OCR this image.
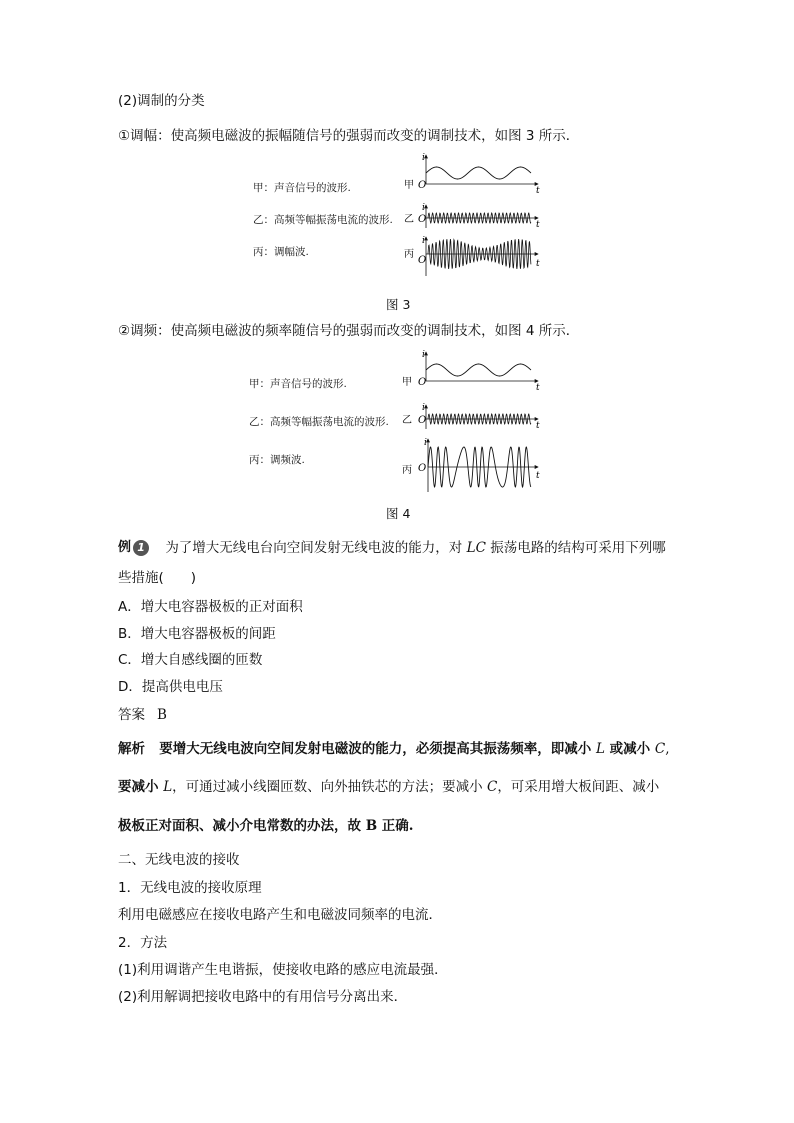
(2)调制的分类
①调幅：使高频电磁波的振幅随信号的强弱而改变的调制技术，如图 3 所示．
甲：声音信号的波形.
乙：高频等幅振荡电流的波形.
丙：调幅波.
甲 O
i
t
乙 O
i
t
丙
O
i
t
图 3
②调频：使高频电磁波的频率随信号的强弱而改变的调制技术，如图 4 所示．
甲：声音信号的波形.
乙：高频等幅振荡电流的波形.
丙：调频波.
甲 O
i
t
乙 O
i
t
丙 O
i
t
图 4
例 1 为了增大无线电台向空间发射无线电波的能力，对 LC 振荡电路的结构可采用下列哪
些措施(　　)
A．增大电容器极板的正对面积
B．增大电容器极板的间距
C．增大自感线圈的匝数
D．提高供电电压
答案 B
解析 要增大无线电波向空间发射电磁波的能力，必须提高其振荡频率，即减小 L 或减小 C,
要减小 L，可通过减小线圈匝数、向外抽铁芯的方法；要减小 C，可采用增大板间距、减小
极板正对面积、减小介电常数的办法，故 B 正确.
二、无线电波的接收
1．无线电波的接收原理
利用电磁感应在接收电路产生和电磁波同频率的电流．
2．方法
(1)利用调谐产生电谐振，使接收电路的感应电流最强．
(2)利用解调把接收电路中的有用信号分离出来．
